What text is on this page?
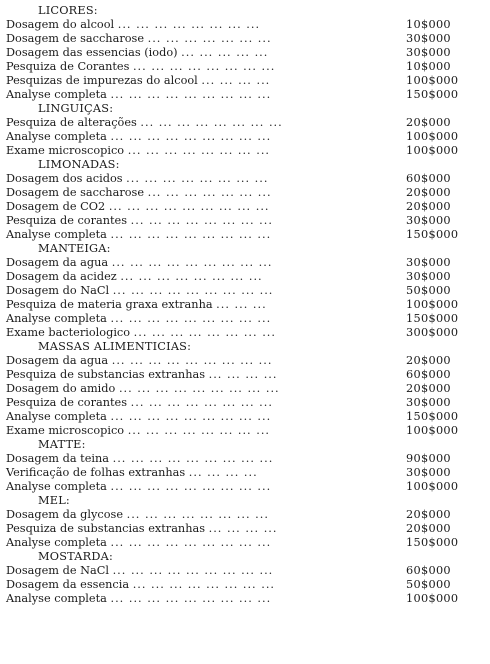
LICORES:
Dosagem do alcool ... ... ... ... ... ... ... ...	10$000
Dosagem de saccharose ... ... ... ... ... ... ...	30$000
Dosagem das essencias (iodo) ... ... ... ... ...	30$000
Pesquiza de Corantes ... ... ... ... ... ... ... ...	10$000
Pesquizas de impurezas do alcool ... ... ... ...	100$000
Analyse completa ... ... ... ... ... ... ... ... ...	150$000
LINGUIÇAS:
Pesquiza de alterações ... ... ... ... ... ... ... ...	20$000
Analyse completa ... ... ... ... ... ... ... ... ...	100$000
Exame microscopico ... ... ... ... ... ... ... ...	100$000
LIMONADAS:
Dosagem dos acidos ... ... ... ... ... ... ... ...	60$000
Dosagem de saccharose ... ... ... ... ... ... ...	20$000
Dosagem de CO2 ... ... ... ... ... ... ... ... ...	20$000
Pesquiza de corantes ... ... ... ... ... ... ... ...	30$000
Analyse completa ... ... ... ... ... ... ... ... ...	150$000
MANTEIGA:
Dosagem da agua ... ... ... ... ... ... ... ... ...	30$000
Dosagem da acidez ... ... ... ... ... ... ... ...	30$000
Dosagem do NaCl ... ... ... ... ... ... ... ... ...	50$000
Pesquiza de materia graxa extranha ... ... ...	100$000
Analyse completa ... ... ... ... ... ... ... ... ...	150$000
Exame bacteriologico ... ... ... ... ... ... ... ...	300$000
MASSAS ALIMENTICIAS:
Dosagem da agua ... ... ... ... ... ... ... ... ...	20$000
Pesquiza de substancias extranhas ... ... ... ...	60$000
Dosagem do amido ... ... ... ... ... ... ... ... ...	20$000
Pesquiza de corantes ... ... ... ... ... ... ... ...	30$000
Analyse completa ... ... ... ... ... ... ... ... ...	150$000
Exame microscopico ... ... ... ... ... ... ... ...	100$000
MATTE:
Dosagem da teina ... ... ... ... ... ... ... ... ...	90$000
Verificação de folhas extranhas ... ... ... ...	30$000
Analyse completa ... ... ... ... ... ... ... ... ...	100$000
MEL:
Dosagem da glycose ... ... ... ... ... ... ... ...	20$000
Pesquiza de substancias extranhas ... ... ... ...	20$000
Analyse completa ... ... ... ... ... ... ... ... ...	150$000
MOSTARDA:
Dosagem de NaCl ... ... ... ... ... ... ... ... ...	60$000
Dosagem da essencia ... ... ... ... ... ... ... ...	50$000
Analyse completa ... ... ... ... ... ... ... ... ...	100$000
